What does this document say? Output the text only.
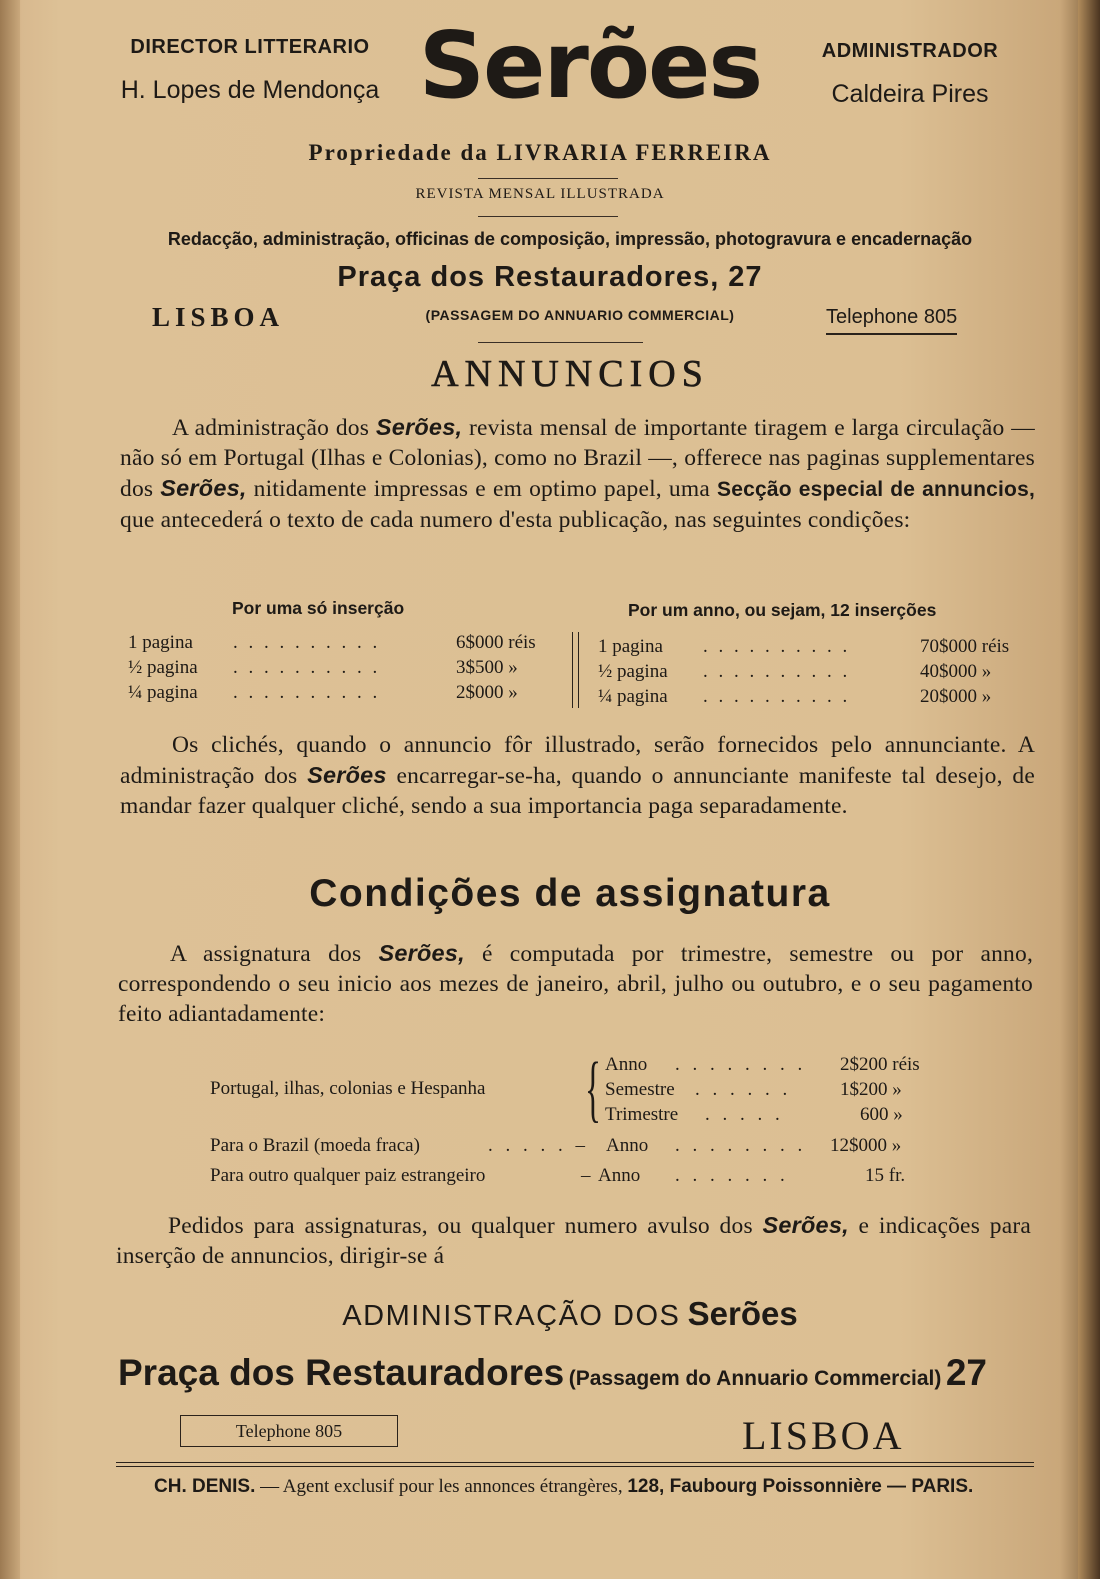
DIRECTOR LITTERARIO
H. Lopes de Mendonça Serões	ADMINISTRADOR
Caldeira Pires
Propriedade da LIVRARIA FERREIRA
REVISTA MENSAL ILLUSTRADA
Redacção, administração, officinas de composição, impressão, photogravura e encadernação
Praça dos Restauradores, 27
LISBOA	(PASSAGEM DO ANNUARIO COMMERCIAL)	Telephone 805
ANNUNCIOS
A administração dos Serões, revista mensal de importante tiragem e larga circulação — não só em Portugal (Ilhas e Colonias), como no Brazil —, offerece nas paginas supplementares dos Serões, nitidamente impressas e em optimo papel, uma Secção especial de annuncios, que antecederá o texto de cada numero d'esta publicação, nas seguintes condições:
Por uma só inserção	Por um anno, ou sejam, 12 inserções
1 pagina . . . . . . . . . .	6$000 réis
½ pagina . . . . . . . . . .	3$500 »
¼ pagina . . . . . . . . . .	2$000 »
1 pagina . . . . . . . . . .	70$000 réis
½ pagina . . . . . . . . . .	40$000 »
¼ pagina . . . . . . . . . .	20$000 »
Os clichés, quando o annuncio fôr illustrado, serão fornecidos pelo annunciante. A administração dos Serões encarregar-se-ha, quando o annunciante manifeste tal desejo, de mandar fazer qualquer cliché, sendo a sua importancia paga separadamente.
Condições de assignatura
A assignatura dos Serões, é computada por trimestre, semestre ou por anno, correspondendo o seu inicio aos mezes de janeiro, abril, julho ou outubro, e o seu pagamento feito adiantadamente:
Portugal, ilhas, colonias e Hespanha { Anno . . . . . . . . 2$200 réis
Semestre . . . . . .	1$200 »
Trimestre . . . . .	600 »
Para o Brazil (moeda fraca)	. . . . . – Anno . . . . . . . . 12$000 »
Para outro qualquer paiz estrangeiro	– Anno . . . . . . .	15 fr.
Pedidos para assignaturas, ou qualquer numero avulso dos Serões, e indicações para inserção de annuncios, dirigir-se á
ADMINISTRAÇÃO DOS Serões
Praça dos Restauradores (Passagem do Annuario Commercial) 27
Telephone 805	LISBOA
CH. DENIS. — Agent exclusif pour les annonces étrangères, 128, Faubourg Poissonnière — PARIS.
